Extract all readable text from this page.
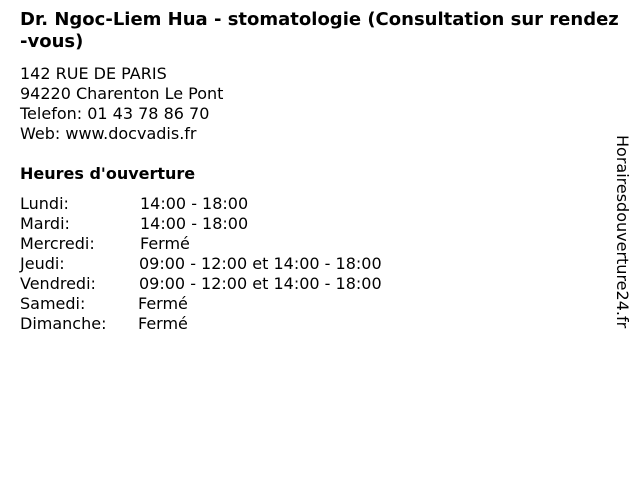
Dr. Ngoc-Liem Hua - stomatologie (Consultation sur rendez-vous)
142 RUE DE PARIS
94220 Charenton Le Pont
Telefon: 01 43 78 86 70
Web: www.docvadis.fr
Heures d'ouverture
Lundi:	14:00 - 18:00
Mardi:	14:00 - 18:00
Mercredi:	Fermé
Jeudi:	09:00 - 12:00 et 14:00 - 18:00
Vendredi:	09:00 - 12:00 et 14:00 - 18:00
Samedi:	Fermé
Dimanche: Fermé	Horairesdouverture24.fr
